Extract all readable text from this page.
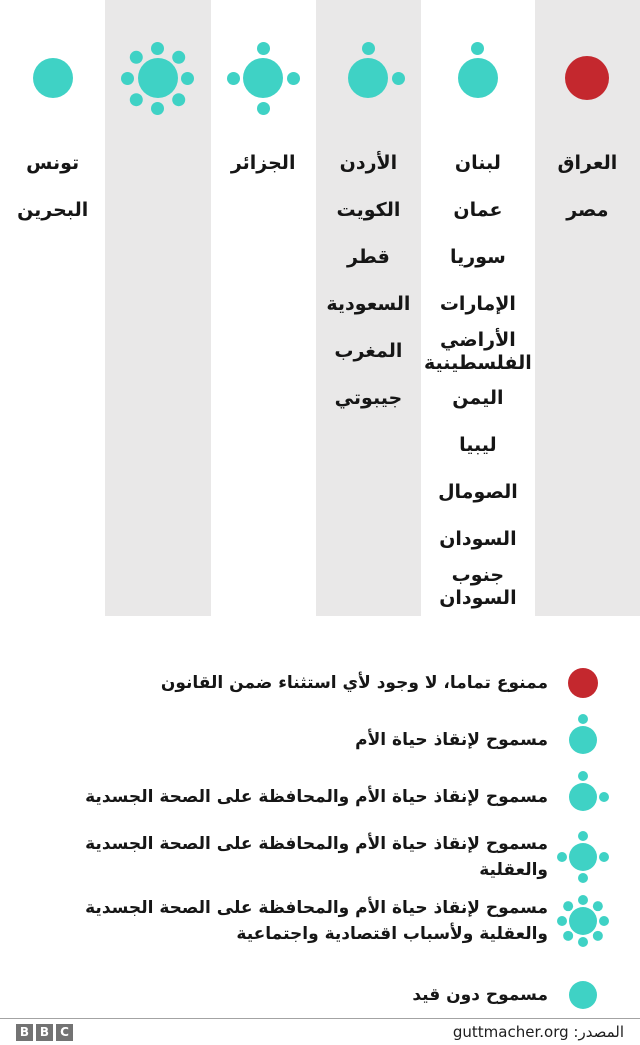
العراق
مصر
لبنان
عمان
سوريا
الإمارات
الأراضي الفلسطينية
اليمن
ليبيا
الصومال
السودان
جنوب السودان
الأردن
الكويت
قطر
السعودية
المغرب
جيبوتي
الجزائر
تونس
البحرين
ممنوع تماما، لا وجود لأي استثناء ضمن القانون
مسموح لإنقاذ حياة الأم
مسموح لإنقاذ حياة الأم والمحافظة على الصحة الجسدية
مسموح لإنقاذ حياة الأم والمحافظة على الصحة الجسدية والعقلية
مسموح لإنقاذ حياة الأم والمحافظة على الصحة الجسدية والعقلية ولأسباب اقتصادية واجتماعية
مسموح دون قيد
B B C	المصدر: guttmacher.org
